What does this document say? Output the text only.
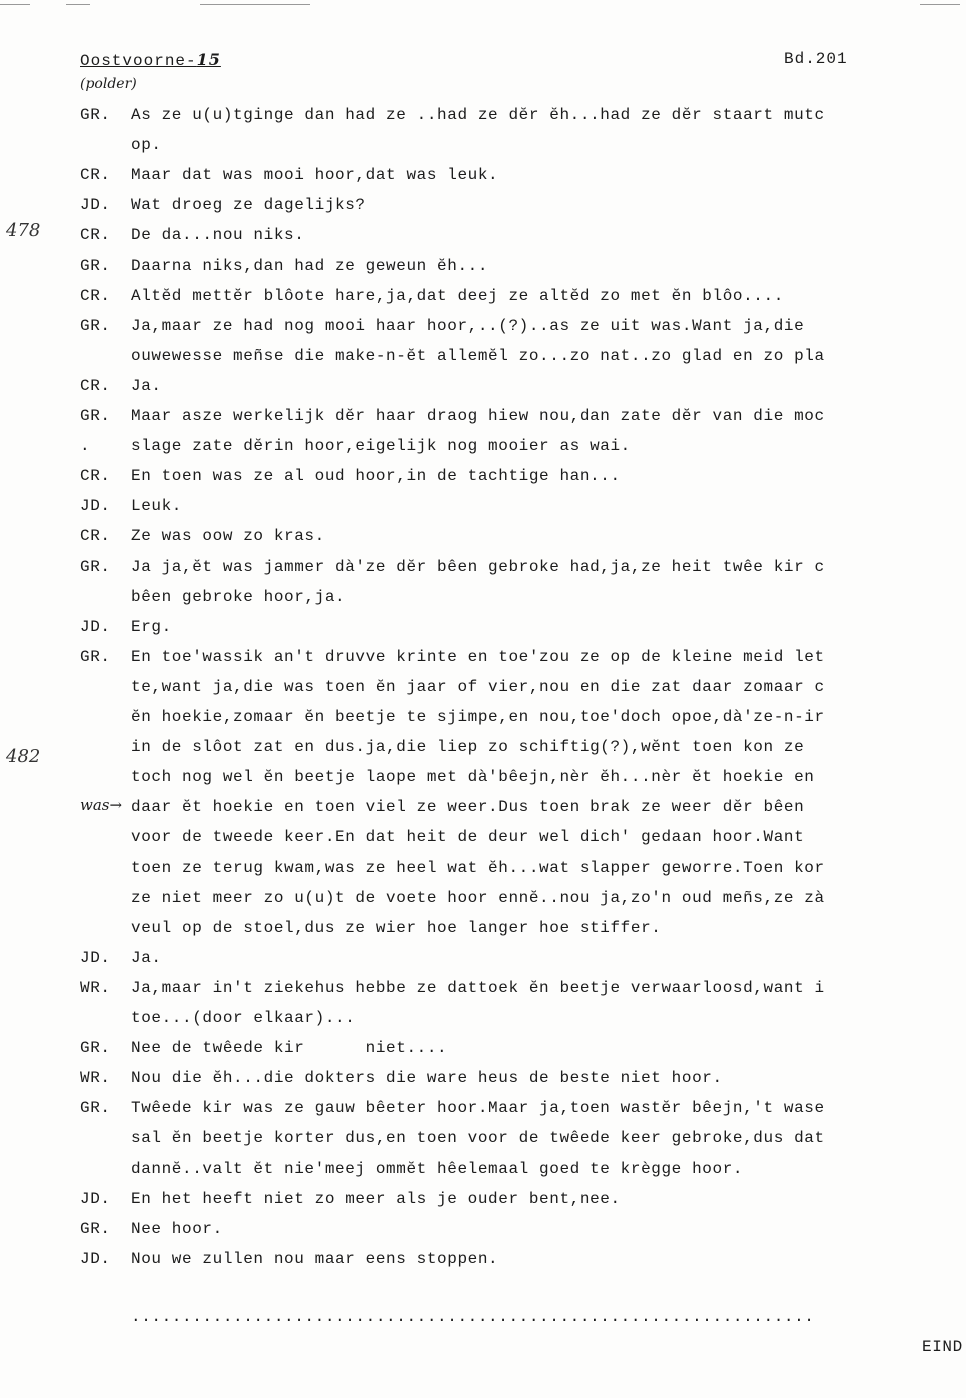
Oostvoorne-15	Bd.201
(polder)
478
482
was→
GR. As ze u(u)tginge dan had ze ..had ze dĕr ĕh...had ze dĕr staart mutc
op.
CR. Maar dat was mooi hoor,dat was leuk.
JD. Wat droeg ze dagelijks?
CR. De da...nou niks.
GR. Daarna niks,dan had ze geweun ĕh...
CR. Altĕd mettĕr blôote hare,ja,dat deej ze altĕd zo met ĕn blôo....
GR. Ja,maar ze had nog mooi haar hoor,..(?)..as ze uit was.Want ja,die
ouwewesse meñse die make-n-ĕt allemĕl zo...zo nat..zo glad en zo pla
CR. Ja.
GR. Maar asze werkelijk dĕr haar draog hiew nou,dan zate dĕr van die moc
.	slage zate dĕrin hoor,eigelijk nog mooier as wai.
CR. En toen was ze al oud hoor,in de tachtige han...
JD. Leuk.
CR. Ze was oow zo kras.
GR. Ja ja,ĕt was jammer dà'ze dĕr bêen gebroke had,ja,ze heit twêe kir c
bêen gebroke hoor,ja.
JD. Erg.
GR. En toe'wassik an't druvve krinte en toe'zou ze op de kleine meid let
te,want ja,die was toen ĕn jaar of vier,nou en die zat daar zomaar c
ĕn hoekie,zomaar ĕn beetje te sjimpe,en nou,toe'doch opoe,dà'ze-n-ir
in de slôot zat en dus.ja,die liep zo schiftig(?),wĕnt toen kon ze
toch nog wel ĕn beetje laope met dà'bêejn,nèr ĕh...nèr ĕt hoekie en
daar ĕt hoekie en toen viel ze weer.Dus toen brak ze weer dĕr bêen
voor de tweede keer.En dat heit de deur wel dich' gedaan hoor.Want
toen ze terug kwam,was ze heel wat ĕh...wat slapper geworre.Toen kor
ze niet meer zo u(u)t de voete hoor ennĕ..nou ja,zo'n oud meñs,ze zà
veul op de stoel,dus ze wier hoe langer hoe stiffer.
JD. Ja.
WR. Ja,maar in't ziekehus hebbe ze dattoek ĕn beetje verwaarloosd,want i
toe...(door elkaar)...
GR. Nee de twêede kir      niet....
WR. Nou die ĕh...die dokters die ware heus de beste niet hoor.
GR. Twêede kir was ze gauw bêeter hoor.Maar ja,toen wastĕr bêejn,'t wase
sal ĕn beetje korter dus,en toen voor de twêede keer gebroke,dus dat
dannĕ..valt ĕt nie'meej ommĕt hêelemaal goed te krègge hoor.
JD. En het heeft niet zo meer als je ouder bent,nee.
GR. Nee hoor.
JD. Nou we zullen nou maar eens stoppen.

...................................................................

EIND
